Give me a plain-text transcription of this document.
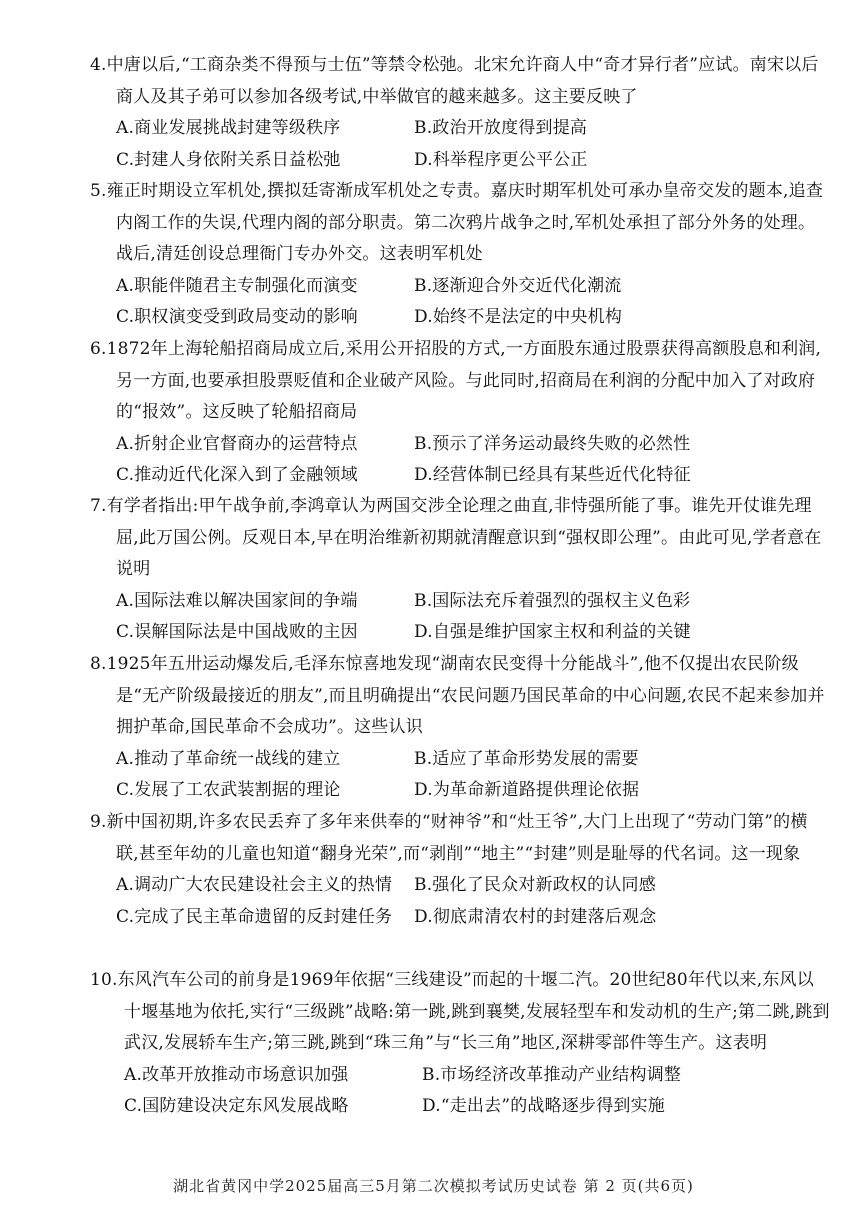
4.中唐以后,“工商杂类不得预与士伍”等禁令松弛。北宋允许商人中“奇才异行者”应试。南宋以后商人及其子弟可以参加各级考试,中举做官的越来越多。这主要反映了

A.商业发展挑战封建等级秩序	B.政治开放度得到提高
C.封建人身依附关系日益松弛	D.科举程序更公平公正

5.雍正时期设立军机处,撰拟廷寄渐成军机处之专责。嘉庆时期军机处可承办皇帝交发的题本,追查内阁工作的失误,代理内阁的部分职责。第二次鸦片战争之时,军机处承担了部分外务的处理。战后,清廷创设总理衙门专办外交。这表明军机处

A.职能伴随君主专制强化而演变	B.逐渐迎合外交近代化潮流
C.职权演变受到政局变动的影响	D.始终不是法定的中央机构

6.1872年上海轮船招商局成立后,采用公开招股的方式,一方面股东通过股票获得高额股息和利润,另一方面,也要承担股票贬值和企业破产风险。与此同时,招商局在利润的分配中加入了对政府的“报效”。这反映了轮船招商局

A.折射企业官督商办的运营特点	B.预示了洋务运动最终失败的必然性
C.推动近代化深入到了金融领域	D.经营体制已经具有某些近代化特征

7.有学者指出:甲午战争前,李鸿章认为两国交涉全论理之曲直,非恃强所能了事。谁先开仗谁先理屈,此万国公例。反观日本,早在明治维新初期就清醒意识到“强权即公理”。由此可见,学者意在说明

A.国际法难以解决国家间的争端	B.国际法充斥着强烈的强权主义色彩
C.误解国际法是中国战败的主因	D.自强是维护国家主权和利益的关键

8.1925年五卅运动爆发后,毛泽东惊喜地发现“湖南农民变得十分能战斗”,他不仅提出农民阶级是“无产阶级最接近的朋友”,而且明确提出“农民问题乃国民革命的中心问题,农民不起来参加并拥护革命,国民革命不会成功”。这些认识

A.推动了革命统一战线的建立	B.适应了革命形势发展的需要
C.发展了工农武装割据的理论	D.为革命新道路提供理论依据

9.新中国初期,许多农民丢弃了多年来供奉的“财神爷”和“灶王爷”,大门上出现了“劳动门第”的横联,甚至年幼的儿童也知道“翻身光荣”,而“剥削”“地主”“封建”则是耻辱的代名词。这一现象

A.调动广大农民建设社会主义的热情	B.强化了民众对新政权的认同感
C.完成了民主革命遗留的反封建任务	D.彻底肃清农村的封建落后观念

10.东风汽车公司的前身是1969年依据“三线建设”而起的十堰二汽。20世纪80年代以来,东风以十堰基地为依托,实行“三级跳”战略:第一跳,跳到襄樊,发展轻型车和发动机的生产;第二跳,跳到武汉,发展轿车生产;第三跳,跳到“珠三角”与“长三角”地区,深耕零部件等生产。这表明

A.改革开放推动市场意识加强	B.市场经济改革推动产业结构调整
C.国防建设决定东风发展战略	D.“走出去”的战略逐步得到实施
湖北省黄冈中学2025届高三5月第二次模拟考试历史试卷 第 2 页(共6页)
